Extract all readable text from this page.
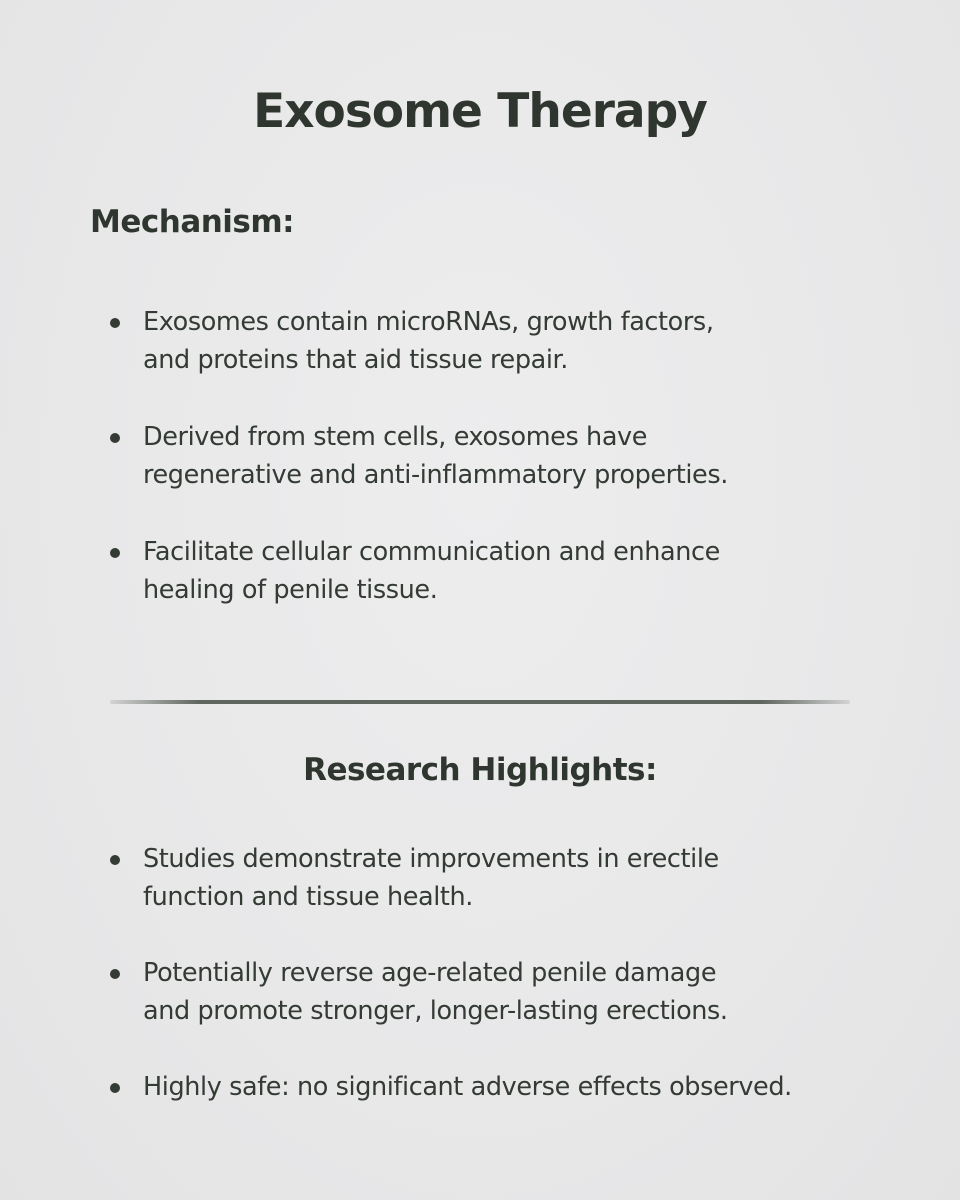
Exosome Therapy
Mechanism:
Exosomes contain microRNAs, growth factors,
and proteins that aid tissue repair.
Derived from stem cells, exosomes have
regenerative and anti-inflammatory properties.
Facilitate cellular communication and enhance
healing of penile tissue.
Research Highlights:
Studies demonstrate improvements in erectile
function and tissue health.
Potentially reverse age-related penile damage
and promote stronger, longer-lasting erections.
Highly safe: no significant adverse effects observed.
